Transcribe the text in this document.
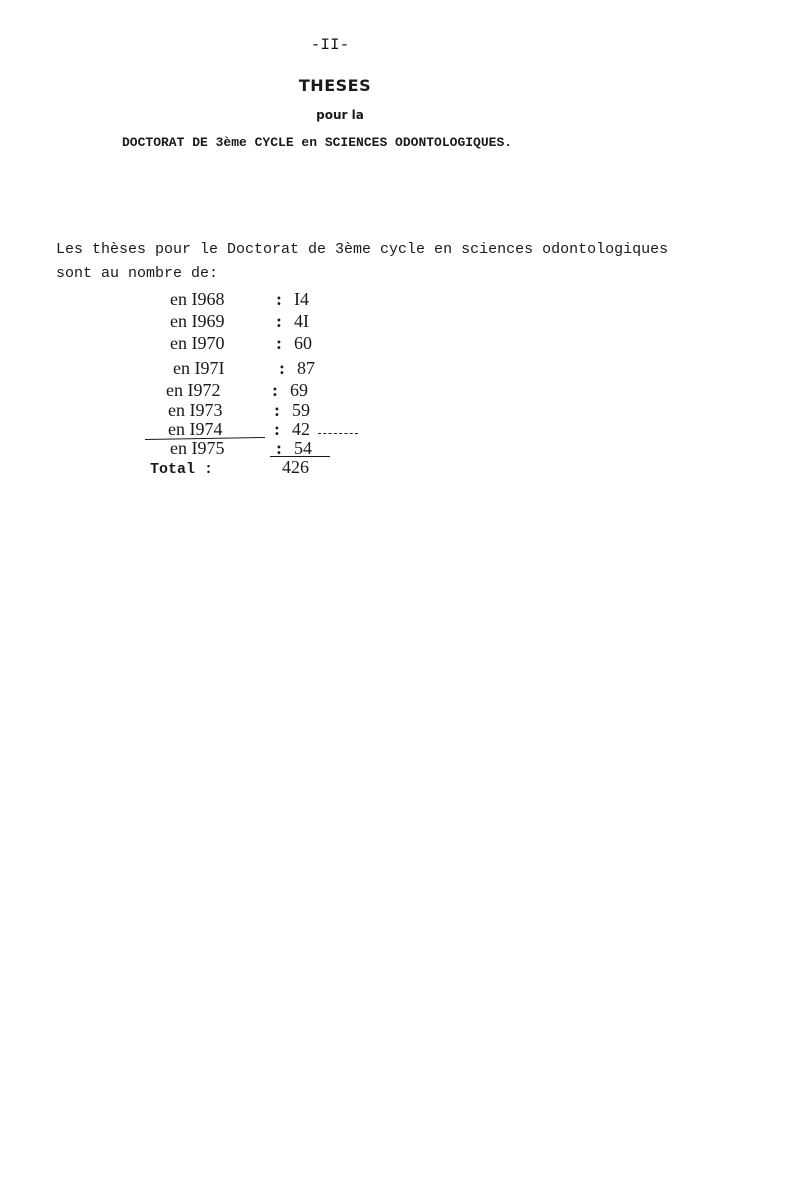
-II-
THESES
pour la
DOCTORAT DE 3ème CYCLE en SCIENCES ODONTOLOGIQUES.
Les thèses pour le Doctorat de 3ème cycle en sciences odontologiques
sont au nombre de:
en I968	: I4
en I969	: 4I
en I970	: 60
en I97I	: 87
en I972	: 69
en I973	: 59
en I974	: 42
en I975	: 54
Total :	426
